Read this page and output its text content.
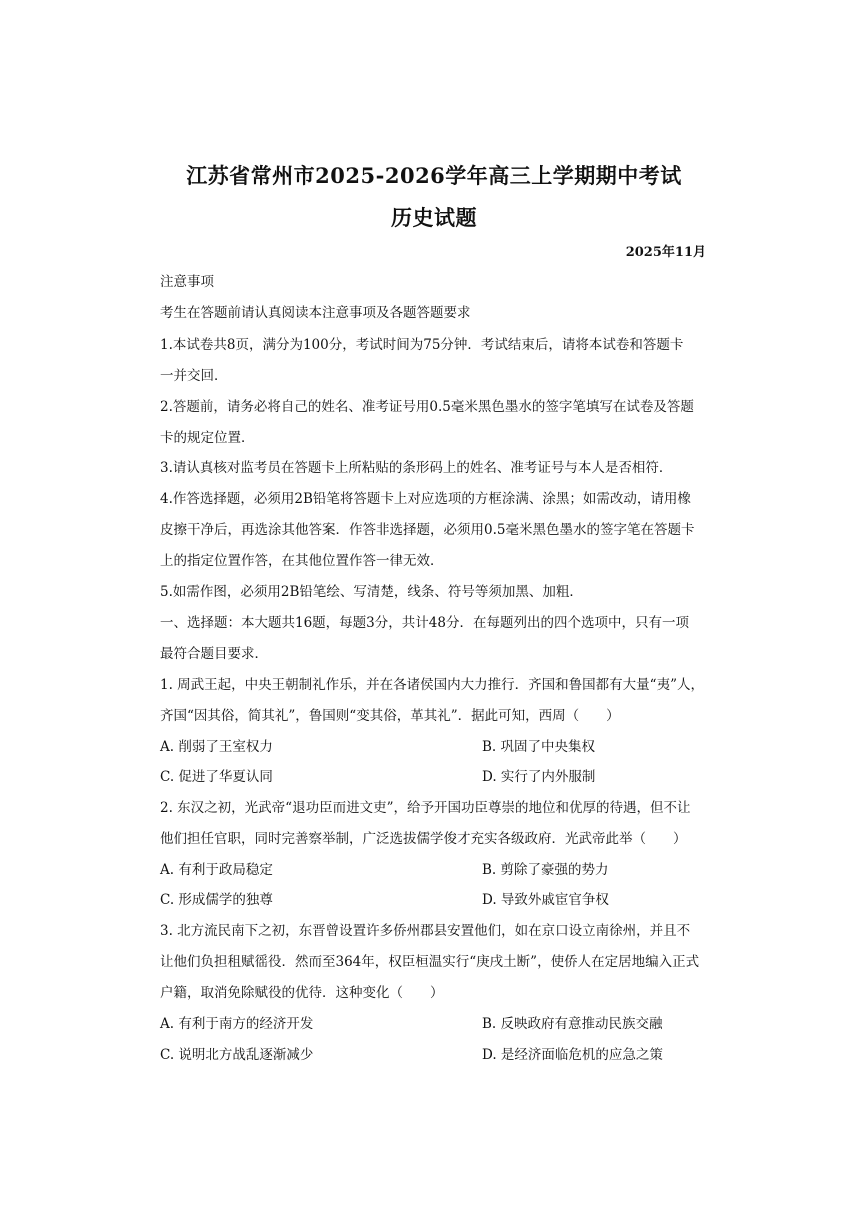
江苏省常州市2025-2026学年高三上学期期中考试
历史试题
2025年11月
注意事项
考生在答题前请认真阅读本注意事项及各题答题要求
1.本试卷共8页，满分为100分，考试时间为75分钟．考试结束后，请将本试卷和答题卡
一并交回．
2.答题前，请务必将自己的姓名、准考证号用0.5毫米黑色墨水的签字笔填写在试卷及答题
卡的规定位置．
3.请认真核对监考员在答题卡上所粘贴的条形码上的姓名、准考证号与本人是否相符．
4.作答选择题，必须用2B铅笔将答题卡上对应选项的方框涂满、涂黑；如需改动，请用橡
皮擦干净后，再选涂其他答案．作答非选择题，必须用0.5毫米黑色墨水的签字笔在答题卡
上的指定位置作答，在其他位置作答一律无效．
5.如需作图，必须用2B铅笔绘、写清楚，线条、符号等须加黑、加粗．
一、选择题：本大题共16题，每题3分，共计48分．在每题列出的四个选项中，只有一项
最符合题目要求．
1. 周武王起，中央王朝制礼作乐，并在各诸侯国内大力推行．齐国和鲁国都有大量“夷”人，
齐国“因其俗，简其礼”，鲁国则“变其俗，革其礼”．据此可知，西周（　　）
A. 削弱了王室权力	B. 巩固了中央集权
C. 促进了华夏认同	D. 实行了内外服制
2. 东汉之初，光武帝“退功臣而进文吏”，给予开国功臣尊崇的地位和优厚的待遇，但不让
他们担任官职，同时完善察举制，广泛选拔儒学俊才充实各级政府．光武帝此举（　　）
A. 有利于政局稳定	B. 剪除了豪强的势力
C. 形成儒学的独尊	D. 导致外戚宦官争权
3. 北方流民南下之初，东晋曾设置许多侨州郡县安置他们，如在京口设立南徐州，并且不
让他们负担租赋徭役．然而至364年，权臣桓温实行“庚戌土断”，使侨人在定居地编入正式
户籍，取消免除赋役的优待．这种变化（　　）
A. 有利于南方的经济开发	B. 反映政府有意推动民族交融
C. 说明北方战乱逐渐减少	D. 是经济面临危机的应急之策
